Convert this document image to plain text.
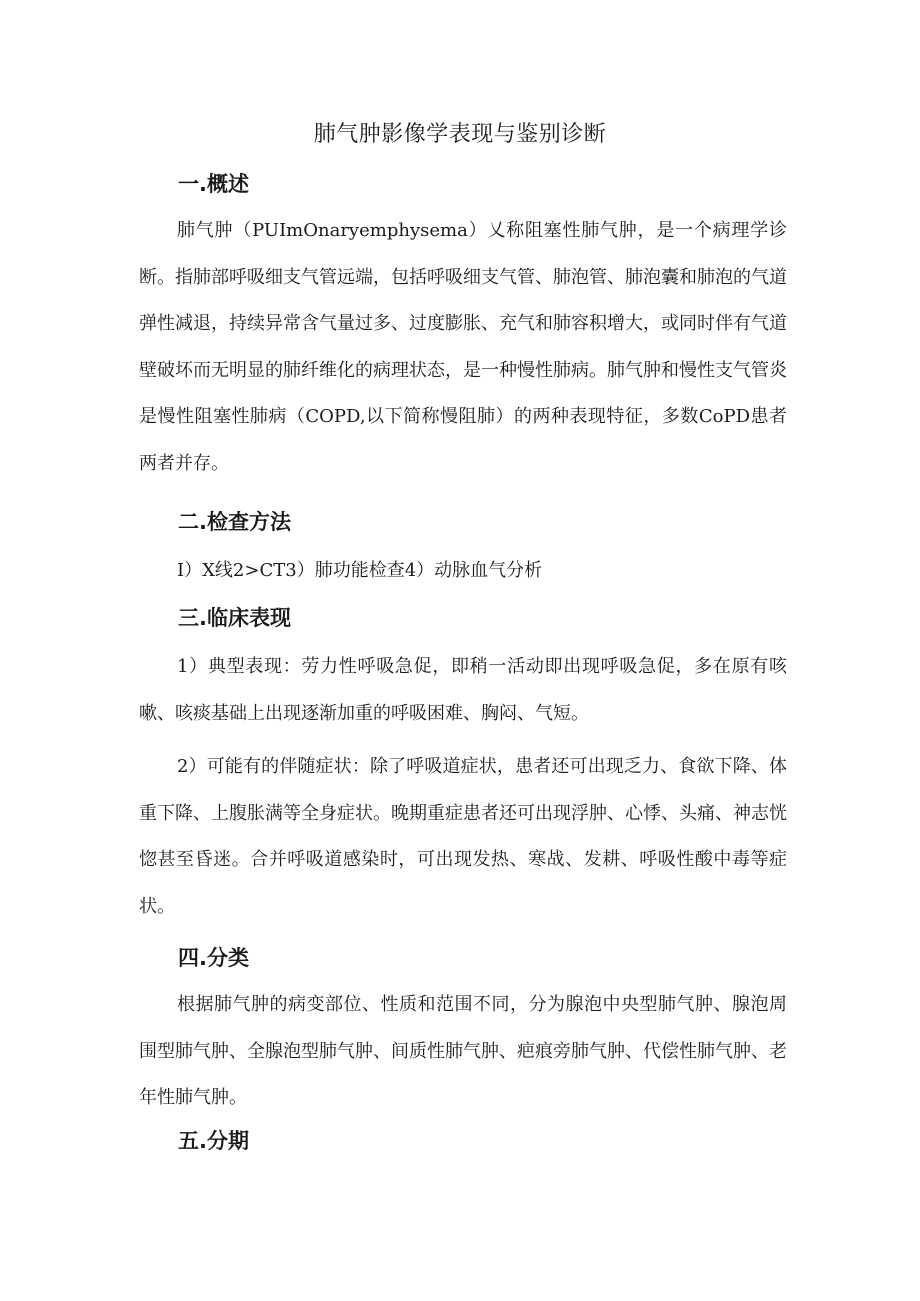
肺气肿影像学表现与鉴别诊断
一.概述

肺气肿（PUImOnaryemphysema）乂称阻塞性肺气肿，是一个病理学诊断。指肺部呼吸细支气管远端，包括呼吸细支气管、肺泡管、肺泡囊和肺泡的气道弹性减退，持续异常含气量过多、过度膨胀、充气和肺容积增大，或同时伴有气道壁破坏而无明显的肺纤维化的病理状态，是一种慢性肺病。肺气肿和慢性支气管炎是慢性阻塞性肺病（COPD,以下简称慢阻肺）的两种表现特征，多数CoPD患者两者并存。

二.检查方法

I）X线2>CT3）肺功能检查4）动脉血气分析

三.临床表现

1）典型表现：劳力性呼吸急促，即稍一活动即出现呼吸急促，多在原有咳嗽、咳痰基础上出现逐渐加重的呼吸困难、胸闷、气短。

2）可能有的伴随症状：除了呼吸道症状，患者还可出现乏力、食欲下降、体重下降、上腹胀满等全身症状。晚期重症患者还可出现浮肿、心悸、头痛、神志恍惚甚至昏迷。合并呼吸道感染时，可出现发热、寒战、发耕、呼吸性酸中毒等症状。

四.分类

根据肺气肿的病变部位、性质和范围不同，分为腺泡中央型肺气肿、腺泡周围型肺气肿、全腺泡型肺气肿、间质性肺气肿、疤痕旁肺气肿、代偿性肺气肿、老年性肺气肿。

五.分期
